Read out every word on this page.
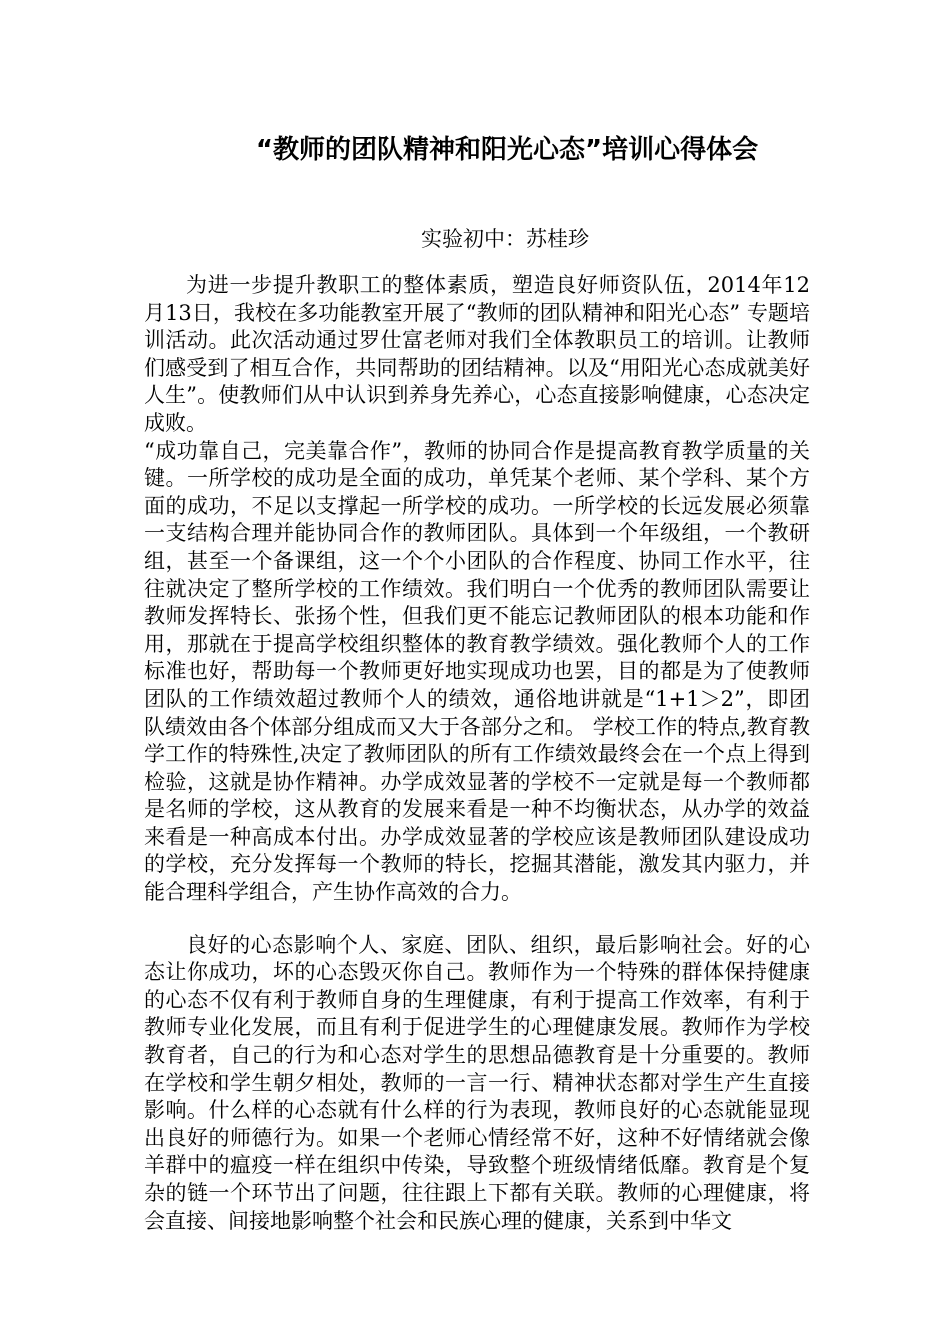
“教师的团队精神和阳光心态”培训心得体会
实验初中：苏桂珍

为进一步提升教职工的整体素质，塑造良好师资队伍，2014年12月13日，我校在多功能教室开展了“教师的团队精神和阳光心态” 专题培训活动。此次活动通过罗仕富老师对我们全体教职员工的培训。让教师们感受到了相互合作，共同帮助的团结精神。以及“用阳光心态成就美好人生”。使教师们从中认识到养身先养心，心态直接影响健康，心态决定成败。

“成功靠自己，完美靠合作”，教师的协同合作是提高教育教学质量的关键。一所学校的成功是全面的成功，单凭某个老师、某个学科、某个方面的成功，不足以支撑起一所学校的成功。一所学校的长远发展必须靠一支结构合理并能协同合作的教师团队。具体到一个年级组，一个教研组，甚至一个备课组，这一个个小团队的合作程度、协同工作水平，往往就决定了整所学校的工作绩效。我们明白一个优秀的教师团队需要让教师发挥特长、张扬个性，但我们更不能忘记教师团队的根本功能和作用，那就在于提高学校组织整体的教育教学绩效。强化教师个人的工作标准也好，帮助每一个教师更好地实现成功也罢，目的都是为了使教师团队的工作绩效超过教师个人的绩效，通俗地讲就是“1+1＞2”，即团队绩效由各个体部分组成而又大于各部分之和。 学校工作的特点,教育教学工作的特殊性,决定了教师团队的所有工作绩效最终会在一个点上得到检验，这就是协作精神。办学成效显著的学校不一定就是每一个教师都是名师的学校，这从教育的发展来看是一种不均衡状态，从办学的效益来看是一种高成本付出。办学成效显著的学校应该是教师团队建设成功的学校，充分发挥每一个教师的特长，挖掘其潜能，激发其内驱力，并能合理科学组合，产生协作高效的合力。

良好的心态影响个人、家庭、团队、组织，最后影响社会。好的心态让你成功，坏的心态毁灭你自己。教师作为一个特殊的群体保持健康的心态不仅有利于教师自身的生理健康，有利于提高工作效率，有利于教师专业化发展，而且有利于促进学生的心理健康发展。教师作为学校教育者，自己的行为和心态对学生的思想品德教育是十分重要的。教师在学校和学生朝夕相处，教师的一言一行、精神状态都对学生产生直接影响。什么样的心态就有什么样的行为表现，教师良好的心态就能显现出良好的师德行为。如果一个老师心情经常不好，这种不好情绪就会像羊群中的瘟疫一样在组织中传染，导致整个班级情绪低靡。教育是个复杂的链一个环节出了问题，往往跟上下都有关联。教师的心理健康，将会直接、间接地影响整个社会和民族心理的健康，关系到中华文
